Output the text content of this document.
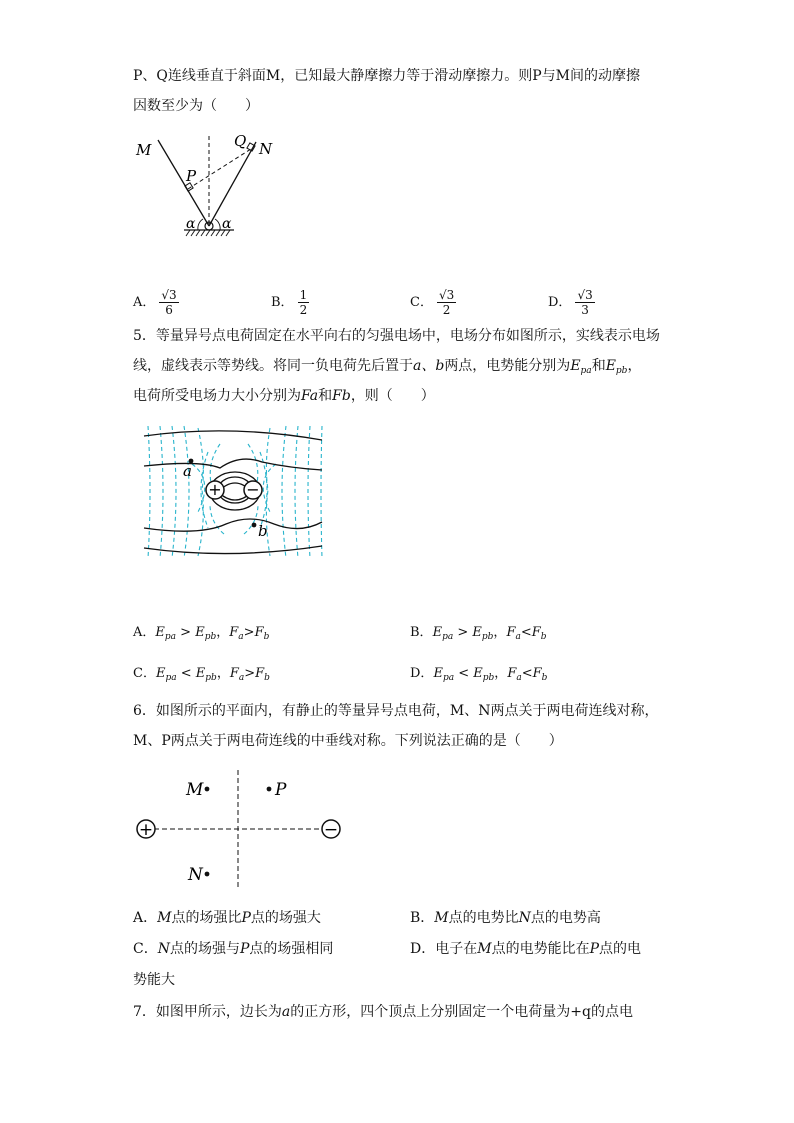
P、Q连线垂直于斜面M，已知最大静摩擦力等于滑动摩擦力。则P与M间的动摩擦
因数至少为（　　）
M	N
Q
P
α α
A． $\frac{√3}{6}$	B． $\frac{1}{2}$	C． $\frac{√3}{2}$	D． $\frac{√3}{3}$
5．等量异号点电荷固定在水平向右的匀强电场中，电场分布如图所示，实线表示电场
线，虚线表示等势线。将同一负电荷先后置于a、b两点，电势能分别为$E_{pa}$和$E_{pb}$，
电荷所受电场力大小分别为Fa和Fb，则（　　）
+ −
a
b
A．$E_{pa} > E_{pb}$，$F_a>F_b$	B．$E_{pa} > E_{pb}$，$F_a<F_b$
C．$E_{pa} < E_{pb}$，$F_a>F_b$	D．$E_{pa} < E_{pb}$，$F_a<F_b$
6．如图所示的平面内，有静止的等量异号点电荷，M、N两点关于两电荷连线对称，
M、P两点关于两电荷连线的中垂线对称。下列说法正确的是（　　）
+	−
M	P
N
A．M点的场强比P点的场强大	B．M点的电势比N点的电势高
C．N点的场强与P点的场强相同	D．电子在M点的电势能比在P点的电
势能大
7．如图甲所示，边长为a的正方形，四个顶点上分别固定一个电荷量为+q的点电
